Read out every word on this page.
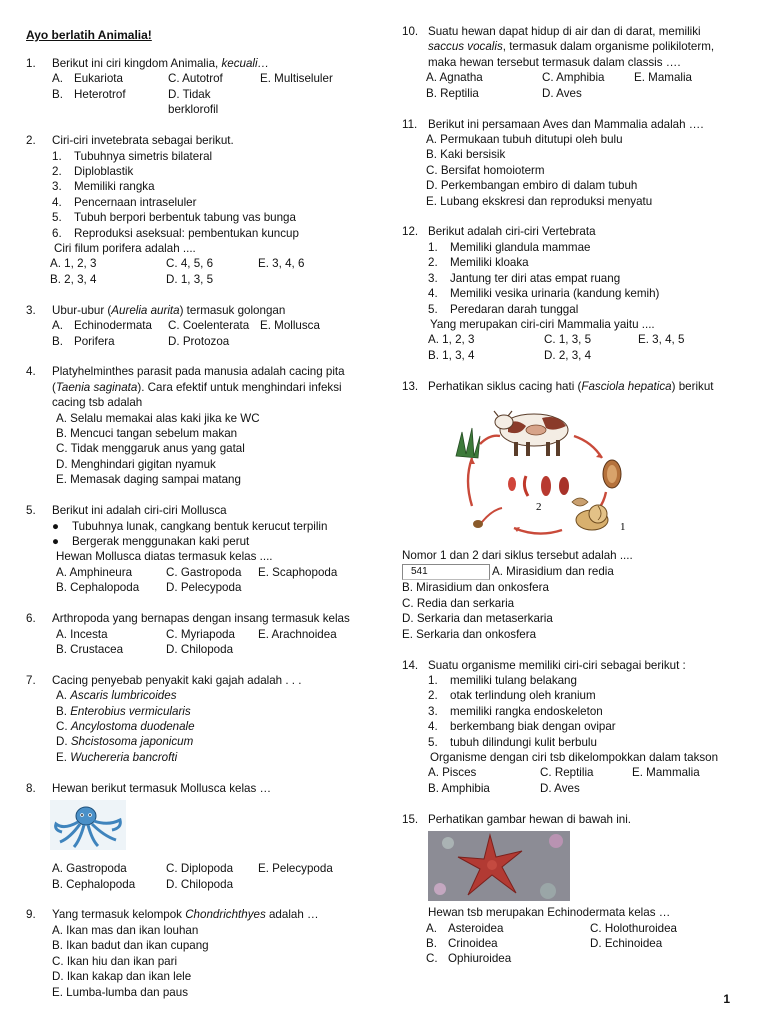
Ayo berlatih Animalia!
1.	Berikut ini ciri kingdom Animalia, kecuali…
A. Eukariota	C. Autotrof	E. Multiseluler
B. Heterotrof	D. Tidak berklorofil
2.	Ciri-ciri invetebrata sebagai berikut.
1. Tubuhnya simetris bilateral
2. Diploblastik
3. Memiliki rangka
4. Pencernaan intraseluler
5. Tubuh berpori berbentuk tabung vas bunga
6. Reproduksi aseksual: pembentukan kuncup
Ciri filum porifera adalah ....
A. 1, 2, 3	C. 4, 5, 6	E. 3, 4, 6
B. 2, 3, 4	D. 1, 3, 5
3.	Ubur-ubur (Aurelia aurita) termasuk golongan
A. Echinodermata	C. Coelenterata E. Mollusca
B. Porifera	D. Protozoa
4.	Platyhelminthes parasit pada manusia adalah cacing pita
(Taenia saginata). Cara efektif untuk menghindari infeksi
cacing tsb adalah
A. Selalu memakai alas kaki jika ke WC
B. Mencuci tangan sebelum makan
C. Tidak menggaruk anus yang gatal
D. Menghindari gigitan nyamuk
E. Memasak daging sampai matang
5.	Berikut ini adalah ciri-ciri Mollusca
● Tubuhnya lunak, cangkang bentuk kerucut terpilin
● Bergerak menggunakan kaki perut
Hewan Mollusca diatas termasuk kelas ....
A. Amphineura	C. Gastropoda	E. Scaphopoda
B. Cephalopoda	D. Pelecypoda
6.	Arthropoda yang bernapas dengan insang termasuk kelas
A. Incesta	C. Myriapoda	E. Arachnoidea
B. Crustacea	D. Chilopoda
7.	Cacing penyebab penyakit kaki gajah adalah . . .
A. Ascaris lumbricoides
B. Enterobius vermicularis
C. Ancylostoma duodenale
D. Shcistosoma japonicum
E. Wuchereria bancrofti
8.	Hewan berikut termasuk Mollusca kelas …
A. Gastropoda	C. Diplopoda	E. Pelecypoda
B. Cephalopoda	D. Chilopoda
9.	Yang termasuk kelompok Chondrichthyes adalah …
A. Ikan mas dan ikan louhan
B. Ikan badut dan ikan cupang
C. Ikan hiu dan ikan pari
D. Ikan kakap dan ikan lele
E. Lumba-lumba dan paus
10. Suatu hewan dapat hidup di air dan di darat, memiliki
saccus vocalis, termasuk dalam organisme polikiloterm,
maka hewan tersebut termasuk dalam classis ….
A. Agnatha	C. Amphibia	E. Mamalia
B. Reptilia	D. Aves
11. Berikut ini persamaan Aves dan Mammalia adalah ….
A. Permukaan tubuh ditutupi oleh bulu
B. Kaki bersisik
C. Bersifat homoioterm
D. Perkembangan embiro di dalam tubuh
E. Lubang ekskresi dan reproduksi menyatu
12. Berikut adalah ciri-ciri Vertebrata
1. Memiliki glandula mammae
2. Memiliki kloaka
3. Jantung ter diri atas empat ruang
4. Memiliki vesika urinaria (kandung kemih)
5. Peredaran darah tunggal
Yang merupakan ciri-ciri Mammalia yaitu ....
A. 1, 2, 3	C. 1, 3, 5	E. 3, 4, 5
B. 1, 3, 4	D. 2, 3, 4
13. Perhatikan siklus cacing hati (Fasciola hepatica) berikut
1
2
Nomor 1 dan 2 dari siklus tersebut adalah ....
541	A. Mirasidium dan redia
B. Mirasidium dan onkosfera
C. Redia dan serkaria
D. Serkaria dan metaserkaria
E. Serkaria dan onkosfera
14. Suatu organisme memiliki ciri-ciri sebagai berikut :
1. memiliki tulang belakang
2. otak terlindung oleh kranium
3. memiliki rangka endoskeleton
4. berkembang biak dengan ovipar
5. tubuh dilindungi kulit berbulu
Organisme dengan ciri tsb dikelompokkan dalam takson
A. Pisces	C. Reptilia	E. Mammalia
B. Amphibia	D. Aves
15. Perhatikan gambar hewan di bawah ini.
Hewan tsb merupakan Echinodermata kelas …
A. Asteroidea	C. Holothuroidea
B. Crinoidea	D. Echinoidea
C. Ophiuroidea
1
